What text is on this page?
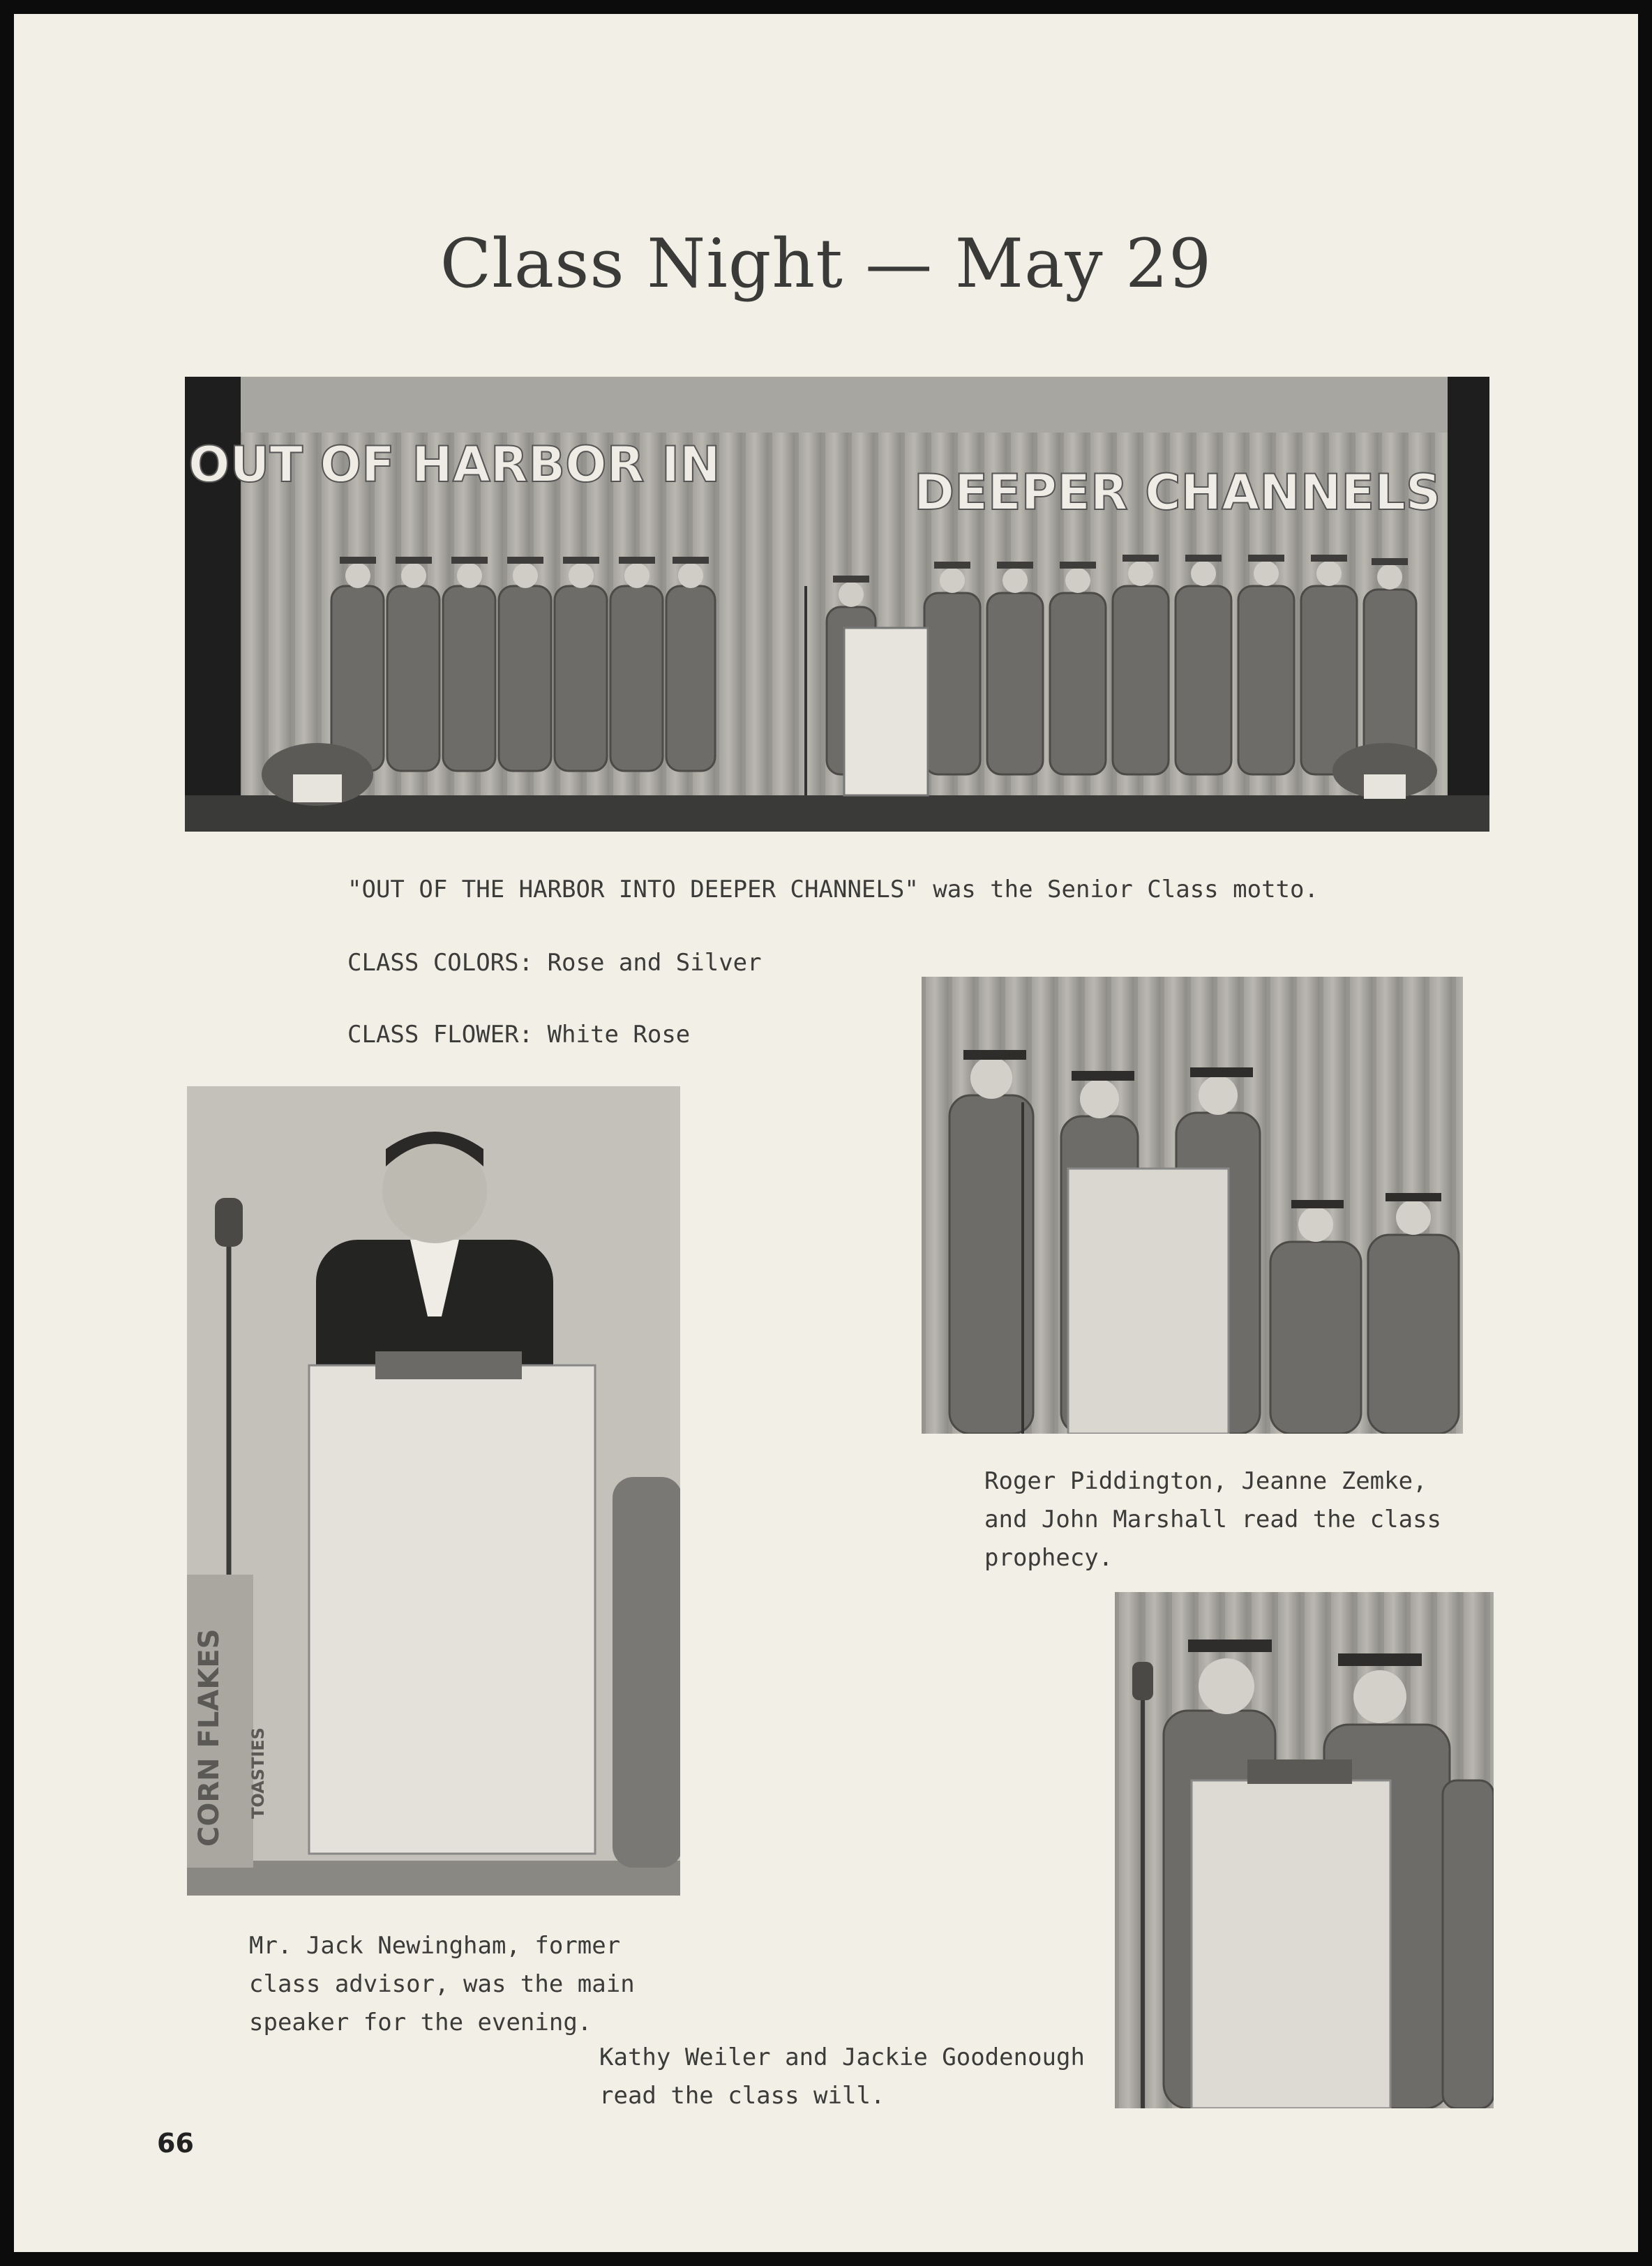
Class Night — May 29
OUT OF HARBOR IN	DEEPER CHANNELS
"OUT OF THE HARBOR INTO DEEPER CHANNELS" was the Senior Class motto.
CLASS COLORS: Rose and Silver
CLASS FLOWER: White Rose
Roger Piddington, Jeanne Zemke,
and John Marshall read the class
prophecy.
CORN FLAKES TOASTIES
Mr. Jack Newingham, former
class advisor, was the main
speaker for the evening.
Kathy Weiler and Jackie Goodenough
read the class will.
66
